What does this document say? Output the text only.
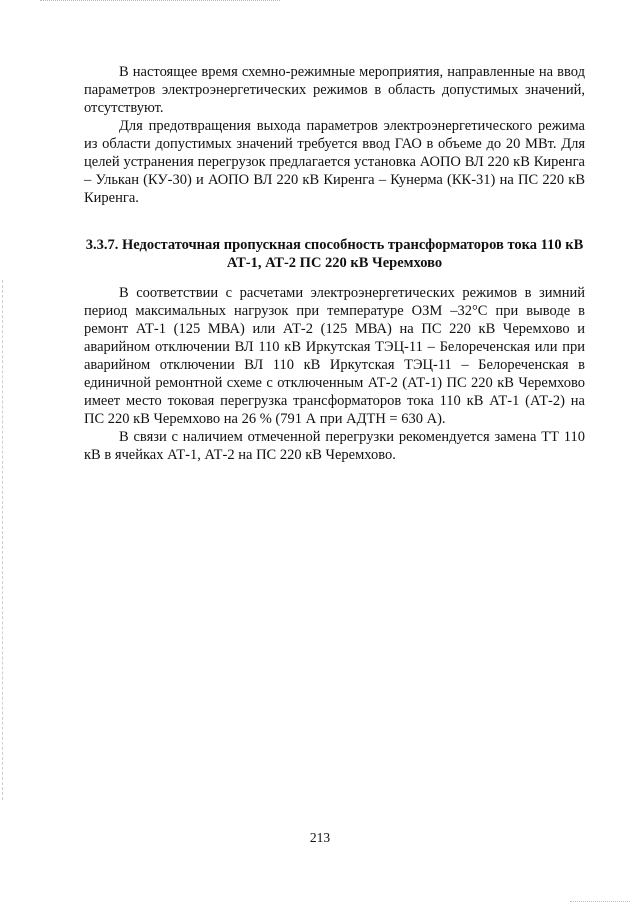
В настоящее время схемно-режимные мероприятия, направленные на ввод параметров электроэнергетических режимов в область допустимых значений, отсутствуют.

Для предотвращения выхода параметров электроэнергетического режима из области допустимых значений требуется ввод ГАО в объеме до 20 МВт. Для целей устранения перегрузок предлагается установка АОПО ВЛ 220 кВ Киренга – Улькан (КУ-30) и АОПО ВЛ 220 кВ Киренга – Кунерма (КК-31) на ПС 220 кВ Киренга.

3.3.7. Недостаточная пропускная способность трансформаторов тока 110 кВ АТ-1, АТ-2 ПС 220 кВ Черемхово

В соответствии с расчетами электроэнергетических режимов в зимний период максимальных нагрузок при температуре ОЗМ –32°С при выводе в ремонт АТ-1 (125 МВА) или АТ-2 (125 МВА) на ПС 220 кВ Черемхово и аварийном отключении ВЛ 110 кВ Иркутская ТЭЦ-11 – Белореченская или при аварийном отключении ВЛ 110 кВ Иркутская ТЭЦ-11 – Белореченская в единичной ремонтной схеме с отключенным АТ-2 (АТ-1) ПС 220 кВ Черемхово имеет место токовая перегрузка трансформаторов тока 110 кВ АТ-1 (АТ-2) на ПС 220 кВ Черемхово на 26 % (791 А при АДТН = 630 А).

В связи с наличием отмеченной перегрузки рекомендуется замена ТТ 110 кВ в ячейках АТ-1, АТ-2 на ПС 220 кВ Черемхово.

213
